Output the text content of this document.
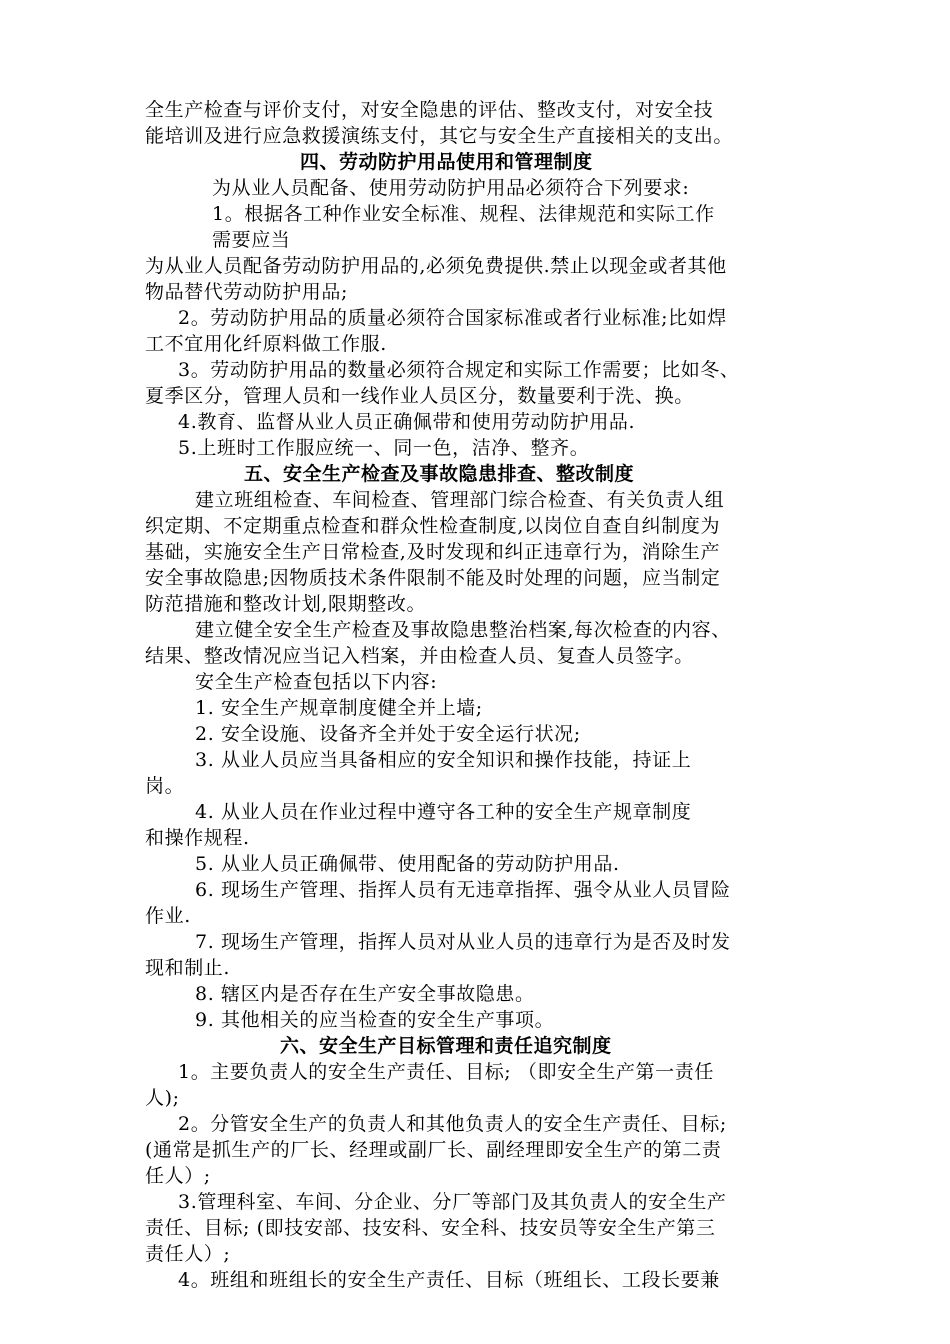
全生产检查与评价支付，对安全隐患的评估、整改支付，对安全技
能培训及进行应急救援演练支付，其它与安全生产直接相关的支出。
四、劳动防护用品使用和管理制度
为从业人员配备、使用劳动防护用品必须符合下列要求:
1。根据各工种作业安全标准、规程、法律规范和实际工作
需要应当
为从业人员配备劳动防护用品的,必须免费提供.禁止以现金或者其他
物品替代劳动防护用品;
2。劳动防护用品的质量必须符合国家标准或者行业标准;比如焊
工不宜用化纤原料做工作服.
3。劳动防护用品的数量必须符合规定和实际工作需要；比如冬、
夏季区分，管理人员和一线作业人员区分，数量要利于洗、换。
4.教育、监督从业人员正确佩带和使用劳动防护用品.
5.上班时工作服应统一、同一色，洁净、整齐。
五、安全生产检查及事故隐患排查、整改制度
建立班组检查、车间检查、管理部门综合检查、有关负责人组
织定期、不定期重点检查和群众性检查制度,以岗位自查自纠制度为
基础，实施安全生产日常检查,及时发现和纠正违章行为，消除生产
安全事故隐患;因物质技术条件限制不能及时处理的问题，应当制定
防范措施和整改计划,限期整改。
建立健全安全生产检查及事故隐患整治档案,每次检查的内容、
结果、整改情况应当记入档案，并由检查人员、复查人员签字。
安全生产检查包括以下内容:
1. 安全生产规章制度健全并上墙;
2. 安全设施、设备齐全并处于安全运行状况;
3. 从业人员应当具备相应的安全知识和操作技能，持证上
岗。
4. 从业人员在作业过程中遵守各工种的安全生产规章制度
和操作规程.
5. 从业人员正确佩带、使用配备的劳动防护用品.
6. 现场生产管理、指挥人员有无违章指挥、强令从业人员冒险
作业.
7. 现场生产管理，指挥人员对从业人员的违章行为是否及时发
现和制止.
8. 辖区内是否存在生产安全事故隐患。
9. 其他相关的应当检查的安全生产事项。
六、安全生产目标管理和责任追究制度
1。主要负责人的安全生产责任、目标; （即安全生产第一责任
人);
2。分管安全生产的负责人和其他负责人的安全生产责任、目标;
(通常是抓生产的厂长、经理或副厂长、副经理即安全生产的第二责
任人）;
3.管理科室、车间、分企业、分厂等部门及其负责人的安全生产
责任、目标; (即技安部、技安科、安全科、技安员等安全生产第三
责任人）;
4。班组和班组长的安全生产责任、目标（班组长、工段长要兼
